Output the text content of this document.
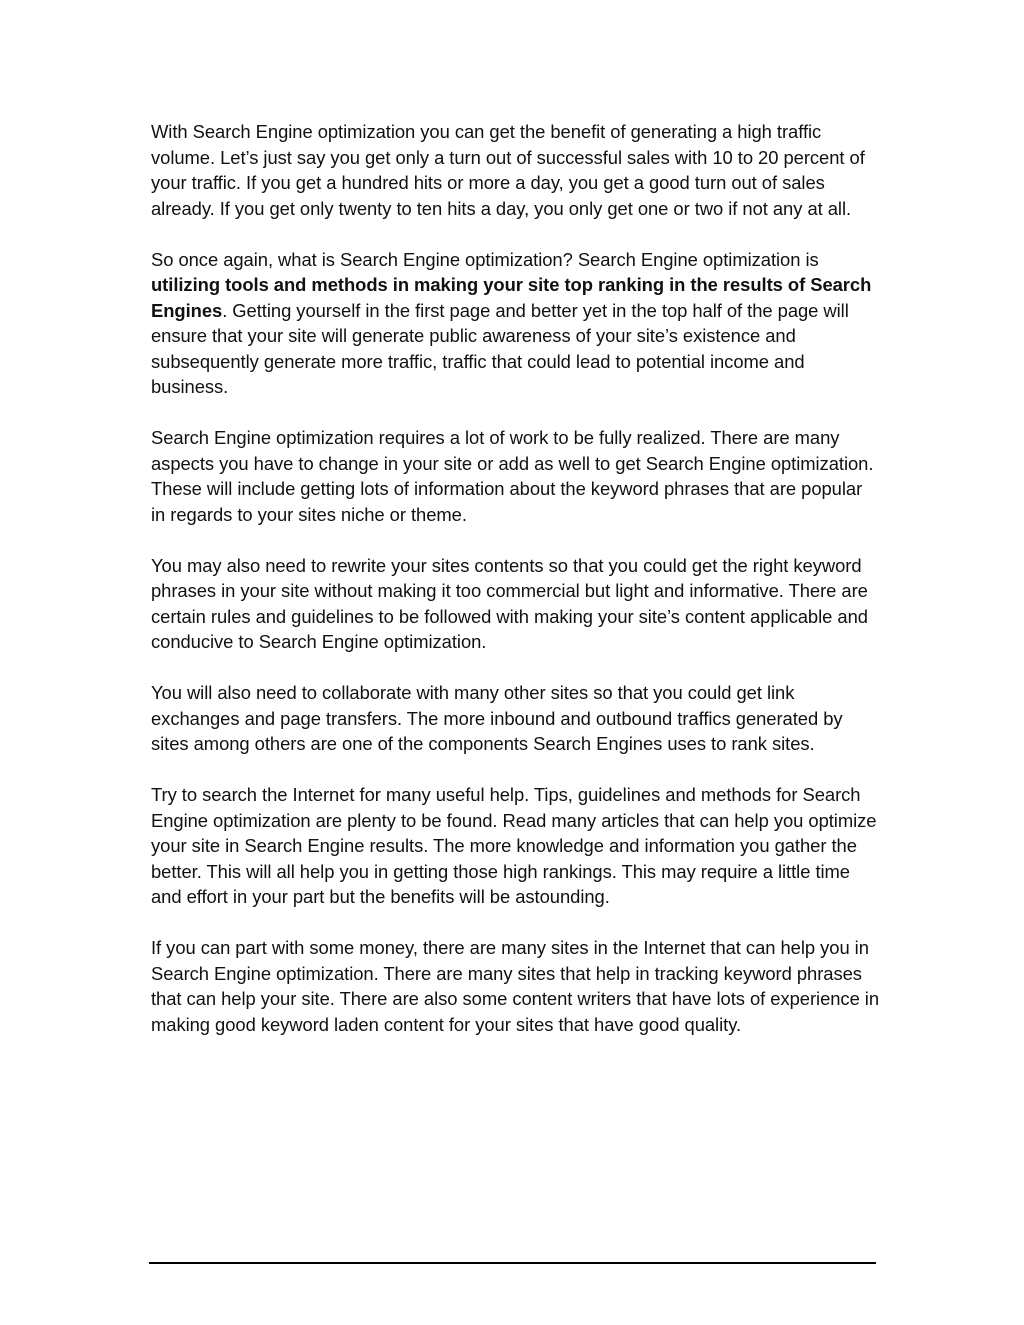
With Search Engine optimization you can get the benefit of generating a high traffic volume. Let’s just say you get only a turn out of successful sales with 10 to 20 percent of your traffic. If you get a hundred hits or more a day, you get a good turn out of sales already. If you get only twenty to ten hits a day, you only get one or two if not any at all.

So once again, what is Search Engine optimization? Search Engine optimization is utilizing tools and methods in making your site top ranking in the results of Search Engines. Getting yourself in the first page and better yet in the top half of the page will ensure that your site will generate public awareness of your site’s existence and subsequently generate more traffic, traffic that could lead to potential income and business.

Search Engine optimization requires a lot of work to be fully realized. There are many aspects you have to change in your site or add as well to get Search Engine optimization. These will include getting lots of information about the keyword phrases that are popular in regards to your sites niche or theme.

You may also need to rewrite your sites contents so that you could get the right keyword phrases in your site without making it too commercial but light and informative. There are certain rules and guidelines to be followed with making your site’s content applicable and conducive to Search Engine optimization.

You will also need to collaborate with many other sites so that you could get link exchanges and page transfers. The more inbound and outbound traffics generated by sites among others are one of the components Search Engines uses to rank sites.

Try to search the Internet for many useful help. Tips, guidelines and methods for Search Engine optimization are plenty to be found. Read many articles that can help you optimize your site in Search Engine results. The more knowledge and information you gather the better. This will all help you in getting those high rankings. This may require a little time and effort in your part but the benefits will be astounding.

If you can part with some money, there are many sites in the Internet that can help you in Search Engine optimization. There are many sites that help in tracking keyword phrases that can help your site. There are also some content writers that have lots of experience in making good keyword laden content for your sites that have good quality.
